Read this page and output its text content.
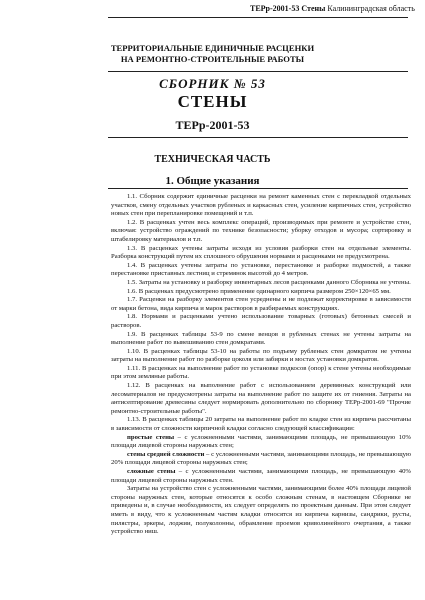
ТЕРр-2001-53 Стены Калининградская область
ТЕРРИТОРИАЛЬНЫЕ ЕДИНИЧНЫЕ РАСЦЕНКИ
НА РЕМОНТНО-СТРОИТЕЛЬНЫЕ РАБОТЫ
СБОРНИК № 53
СТЕНЫ
ТЕРр-2001-53
ТЕХНИЧЕСКАЯ ЧАСТЬ
1. Общие указания

1.1. Сборник содержит единичные расценки на ремонт каменных стен с перекладкой отдельных участков, смену отдельных участков рубленых и каркасных стен, усиление кирпичных стен, устройство новых стен при перепланировке помещений и т.п.

1.2. В расценках учтен весь комплекс операций, производимых при ремонте и устройстве стен, включая: устройство ограждений по технике безопасности; уборку отходов и мусора; сортировку и штабелировку материалов и т.п.

1.3. В расценках учтены затраты исходя из условия разборки стен на отдельные элементы. Разборка конструкций путем их сплошного обрушения нормами и расценками не предусмотрена.

1.4. В расценках учтены затраты по установке, перестановке и разборке подмостей, а также перестановке приставных лестниц и стремянок высотой до 4 метров.

1.5. Затраты на установку и разборку инвентарных лесов расценками данного Сборника не учтены.

1.6. В расценках предусмотрено применение одинарного кирпича размером 250×120×65 мм.

1.7. Расценки на разборку элементов стен усреднены и не подлежат корректировке в зависимости от марки бетона, вида кирпича и марок растворов в разбираемых конструкциях.

1.8. Нормами и расценками учтено использование товарных (готовых) бетонных смесей и растворов.

1.9. В расценках таблицы 53-9 по смене венцов в рубленых стенах не учтены затраты на выполнение работ по вывешиванию стен домкратами.

1.10. В расценках таблицы 53-10 на работы по подъему рубленых стен домкратом не учтены затраты на выполнение работ по разборке цоколя или забирки и мостах установки домкратов.

1.11. В расценках на выполнение работ по установке подкосов (опор) к стене учтены необходимые при этом земляные работы.

1.12. В расценках на выполнение работ с использованием деревянных конструкций или лесоматериалов не предусмотрены затраты на выполнение работ по защите их от гниения. Затраты на антисептирование древесины следует нормировать дополнительно по сборнику ТЕРр-2001-69 "Прочие ремонтно-строительные работы".

1.13. В расценках таблицы 20 затраты на выполнение работ по кладке стен из кирпича рассчитаны в зависимости от сложности кирпичной кладки согласно следующей классификации:

простые стены – с усложненными частями, занимающими площадь, не превышающую 10% площади лицевой стороны наружных стен;

стены средней сложности – с усложненными частями, занимающими площадь, не превышающую 20% площади лицевой стороны наружных стен;

сложные стены – с усложненными частями, занимающими площадь, не превышающую 40% площади лицевой стороны наружных стен.

Затраты на устройство стен с усложненными частями, занимающими более 40% площади лицевой стороны наружных стен, которые относятся к особо сложным стенам, в настоящем Сборнике не приведены и, в случае необходимости, их следует определять по проектным данным. При этом следует иметь в виду, что к усложненным частям кладки относятся из кирпича карнизы, сандрики, русты, пилястры, эркеры, лоджии, полуколонны, обрамление проемов криволинейного очертания, а также устройство ниш.
